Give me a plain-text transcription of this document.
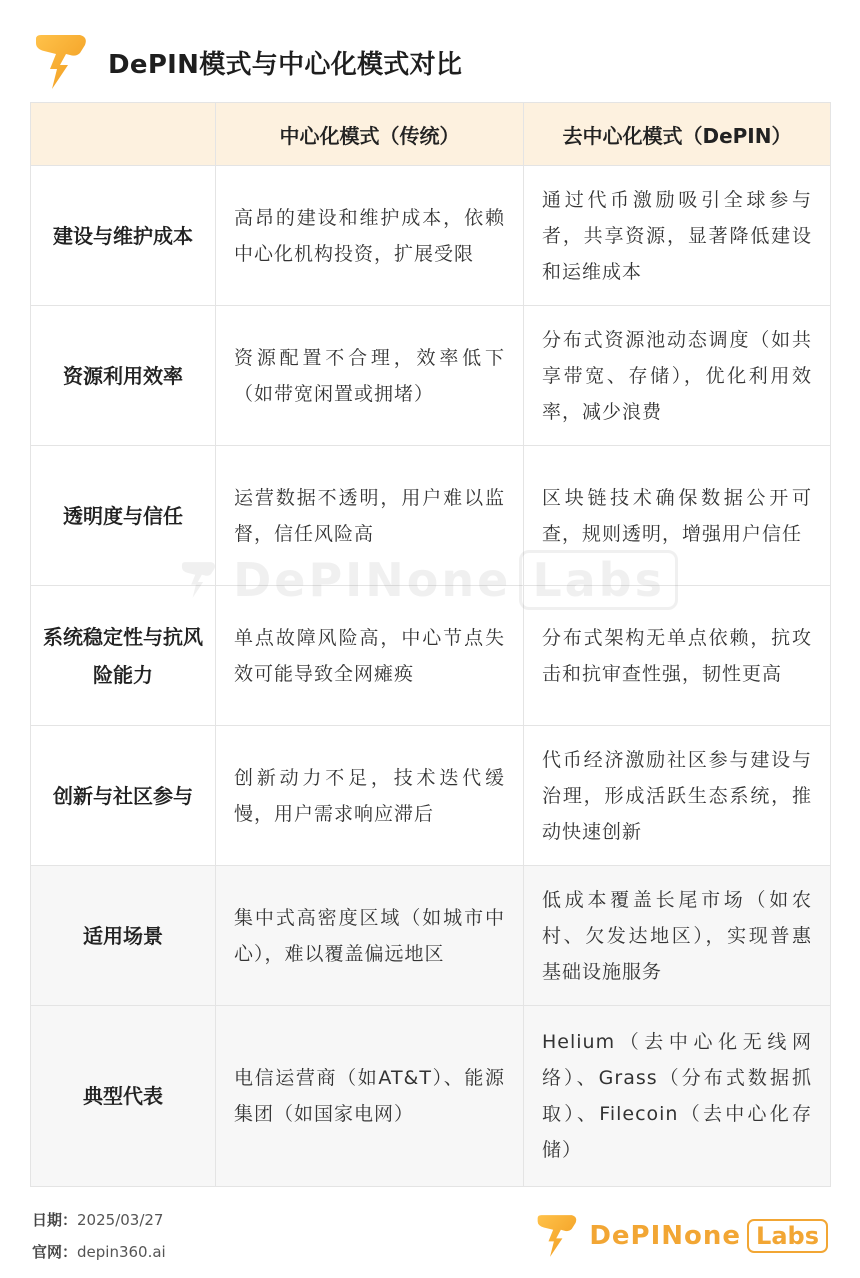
DePIN模式与中心化模式对比
	中心化模式（传统）	去中心化模式（DePIN）
建设与维护成本	高昂的建设和维护成本，依赖中心化机构投资，扩展受限	通过代币激励吸引全球参与者，共享资源，显著降低建设和运维成本
资源利用效率	资源配置不合理，效率低下（如带宽闲置或拥堵）	分布式资源池动态调度（如共享带宽、存储），优化利用效率，减少浪费
透明度与信任	运营数据不透明，用户难以监督，信任风险高	区块链技术确保数据公开可查，规则透明，增强用户信任
系统稳定性与抗风险能力	单点故障风险高，中心节点失效可能导致全网瘫痪	分布式架构无单点依赖，抗攻击和抗审查性强，韧性更高
创新与社区参与	创新动力不足，技术迭代缓慢，用户需求响应滞后	代币经济激励社区参与建设与治理，形成活跃生态系统，推动快速创新
适用场景	集中式高密度区域（如城市中心），难以覆盖偏远地区	低成本覆盖长尾市场（如农村、欠发达地区），实现普惠基础设施服务
典型代表	电信运营商（如AT&T）、能源集团（如国家电网）	Helium（去中心化无线网络）、Grass（分布式数据抓取）、Filecoin（去中心化存储）
DePINone Labs
日期：2025/03/27
官网：depin360.ai
DePINone Labs
